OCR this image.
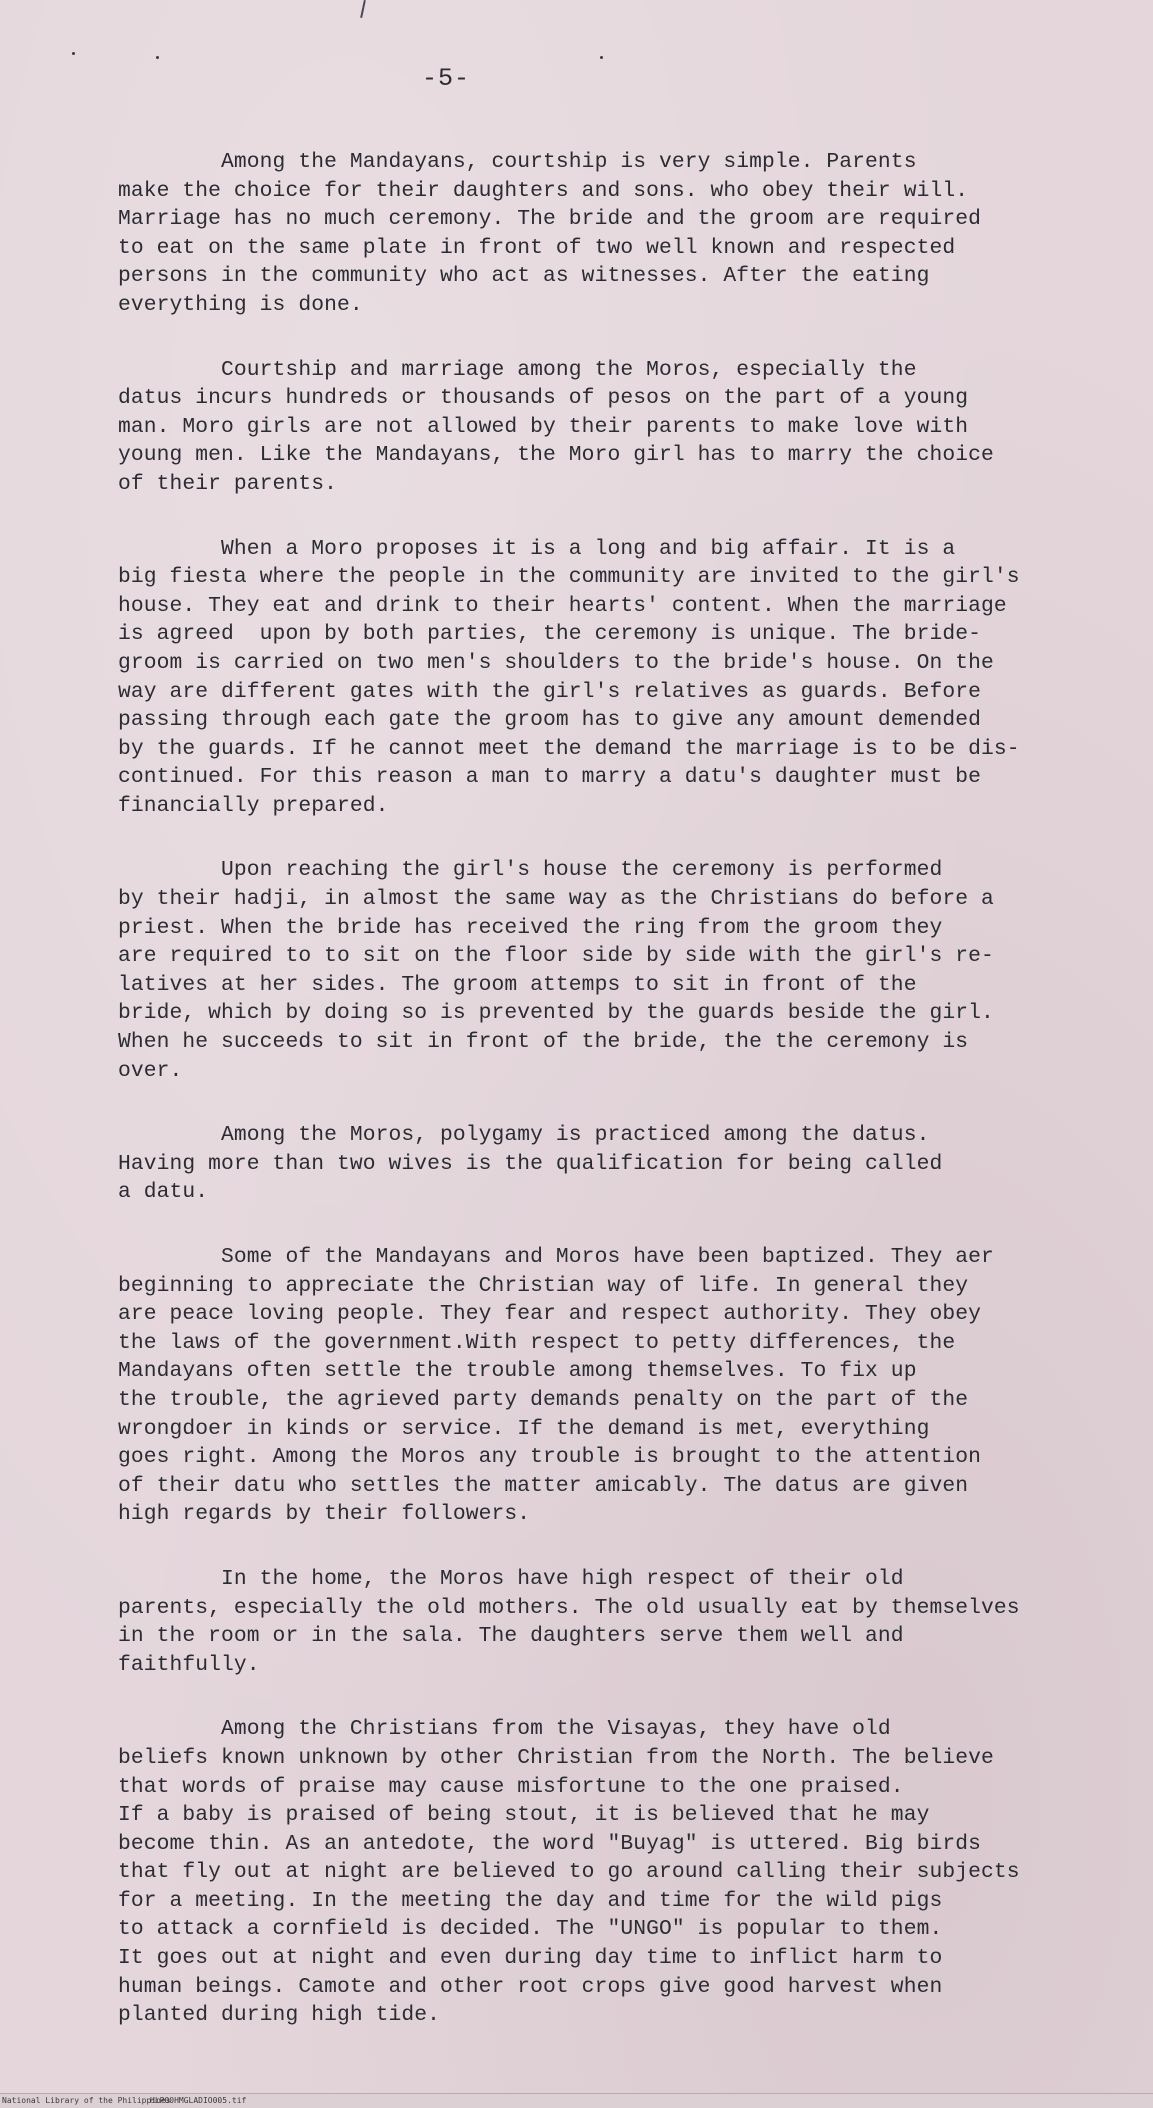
-5-
Among the Mandayans, courtship is very simple. Parents
make the choice for their daughters and sons. who obey their will.
Marriage has no much ceremony. The bride and the groom are required
to eat on the same plate in front of two well known and respected
persons in the community who act as witnesses. After the eating
everything is done.
Courtship and marriage among the Moros, especially the
datus incurs hundreds or thousands of pesos on the part of a young
man. Moro girls are not allowed by their parents to make love with
young men. Like the Mandayans, the Moro girl has to marry the choice
of their parents.
When a Moro proposes it is a long and big affair. It is a
big fiesta where the people in the community are invited to the girl's
house. They eat and drink to their hearts' content. When the marriage
is agreed  upon by both parties, the ceremony is unique. The bride-
groom is carried on two men's shoulders to the bride's house. On the
way are different gates with the girl's relatives as guards. Before
passing through each gate the groom has to give any amount demended
by the guards. If he cannot meet the demand the marriage is to be dis-
continued. For this reason a man to marry a datu's daughter must be
financially prepared.
Upon reaching the girl's house the ceremony is performed
by their hadji, in almost the same way as the Christians do before a
priest. When the bride has received the ring from the groom they
are required to to sit on the floor side by side with the girl's re-
latives at her sides. The groom attemps to sit in front of the
bride, which by doing so is prevented by the guards beside the girl.
When he succeeds to sit in front of the bride, the the ceremony is
over.
Among the Moros, polygamy is practiced among the datus.
Having more than two wives is the qualification for being called
a datu.
Some of the Mandayans and Moros have been baptized. They aer
beginning to appreciate the Christian way of life. In general they
are peace loving people. They fear and respect authority. They obey
the laws of the government.With respect to petty differences, the
Mandayans often settle the trouble among themselves. To fix up
the trouble, the agrieved party demands penalty on the part of the
wrongdoer in kinds or service. If the demand is met, everything
goes right. Among the Moros any trouble is brought to the attention
of their datu who settles the matter amicably. The datus are given
high regards by their followers.
In the home, the Moros have high respect of their old
parents, especially the old mothers. The old usually eat by themselves
in the room or in the sala. The daughters serve them well and
faithfully.
Among the Christians from the Visayas, they have old
beliefs known unknown by other Christian from the North. The believe
that words of praise may cause misfortune to the one praised.
If a baby is praised of being stout, it is believed that he may
become thin. As an antedote, the word "Buyag" is uttered. Big birds
that fly out at night are believed to go around calling their subjects
for a meeting. In the meeting the day and time for the wild pigs
to attack a cornfield is decided. The "UNGO" is popular to them.
It goes out at night and even during day time to inflict harm to
human beings. Camote and other root crops give good harvest when
planted during high tide.
National Library of the Philippines
HLPO0HMGLADIO005.tif
